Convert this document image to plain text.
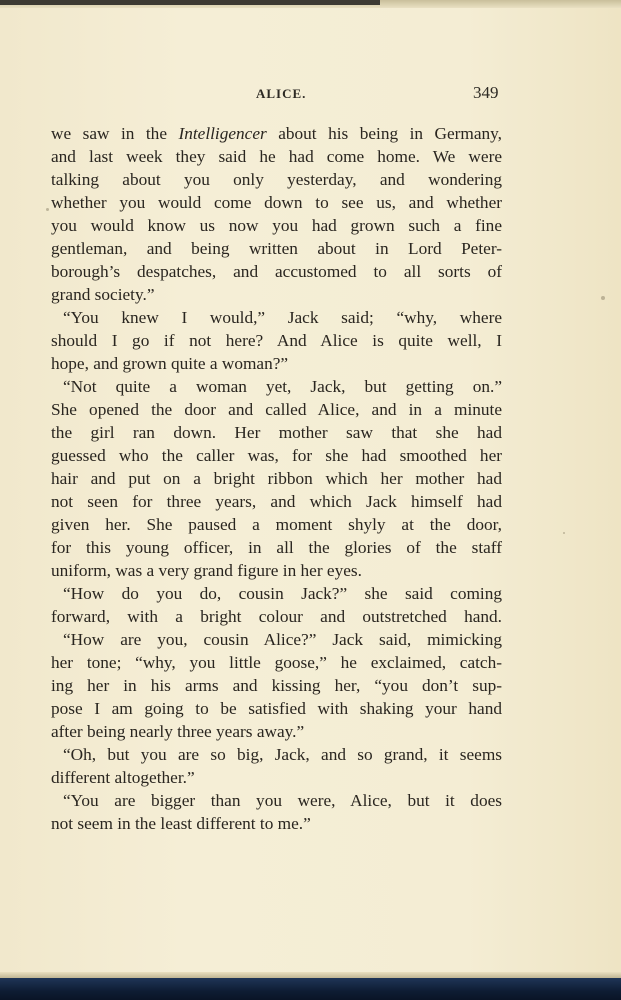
ALICE.	349
we saw in the Intelligencer about his being in Germany,
and last week they said he had come home. We were
talking about you only yesterday, and wondering
whether you would come down to see us, and whether
you would know us now you had grown such a fine
gentleman, and being written about in Lord Peter-
borough’s despatches, and accustomed to all sorts of
grand society.”
“You knew I would,” Jack said; “why, where
should I go if not here? And Alice is quite well, I
hope, and grown quite a woman?”
“Not quite a woman yet, Jack, but getting on.”
She opened the door and called Alice, and in a minute
the girl ran down. Her mother saw that she had
guessed who the caller was, for she had smoothed her
hair and put on a bright ribbon which her mother had
not seen for three years, and which Jack himself had
given her. She paused a moment shyly at the door,
for this young officer, in all the glories of the staff
uniform, was a very grand figure in her eyes.
“How do you do, cousin Jack?” she said coming
forward, with a bright colour and outstretched hand.
“How are you, cousin Alice?” Jack said, mimicking
her tone; “why, you little goose,” he exclaimed, catch-
ing her in his arms and kissing her, “you don’t sup-
pose I am going to be satisfied with shaking your hand
after being nearly three years away.”
“Oh, but you are so big, Jack, and so grand, it seems
different altogether.”
“You are bigger than you were, Alice, but it does
not seem in the least different to me.”
